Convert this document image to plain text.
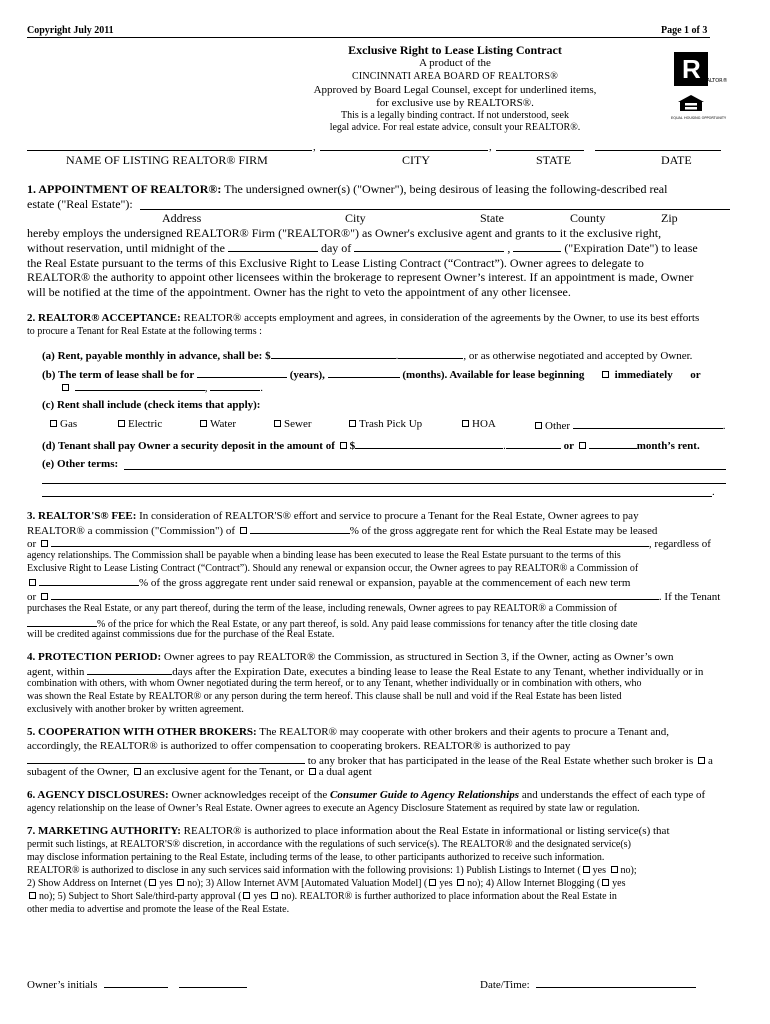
Copyright July 2011	Page 1 of 3
Exclusive Right to Lease Listing Contract
A product of the
CINCINNATI AREA BOARD OF REALTORS®
Approved by Board Legal Counsel, except for underlined items,
for exclusive use by REALTORS®.
This is a legally binding contract. If not understood, seek
legal advice. For real estate advice, consult your REALTOR®.
R REALTOR®
EQUAL HOUSING OPPORTUNITY
,	,
NAME OF LISTING REALTOR® FIRM	CITY	STATE	DATE
1. APPOINTMENT OF REALTOR®: The undersigned owner(s) ("Owner"), being desirous of leasing the following-described real
estate ("Real Estate"):
Address	City	State	County	Zip
hereby employs the undersigned REALTOR® Firm ("REALTOR®") as Owner's exclusive agent and grants to it the exclusive right,
without reservation, until midnight of the	day of	,	("Expiration Date") to lease
the Real Estate pursuant to the terms of this Exclusive Right to Lease Listing Contract (“Contract”). Owner agrees to delegate to
REALTOR® the authority to appoint other licensees within the brokerage to represent Owner’s interest. If an appointment is made, Owner
will be notified at the time of the appointment. Owner has the right to veto the appointment of any other licensee.
2. REALTOR® ACCEPTANCE: REALTOR® accepts employment and agrees, in consideration of the agreements by the Owner, to use its best efforts
to procure a Tenant for Real Estate at the following terms :
(a) Rent, payable monthly in advance, shall be: $	.	, or as otherwise negotiated and accepted by Owner.
(b) The term of lease shall be for	(years),	(months). Available for lease beginning	immediately or
,	.
(c) Rent shall include (check items that apply):
Gas	Electric	Water	Sewer	Trash Pick Up	HOA	Other	.
(d) Tenant shall pay Owner a security deposit in the amount of $	.	or	month’s rent.
(e) Other terms:
.
3. REALTOR'S® FEE: In consideration of REALTOR'S® effort and service to procure a Tenant for the Real Estate, Owner agrees to pay
REALTOR® a commission ("Commission") of	% of the gross aggregate rent for which the Real Estate may be leased
or	, regardless of
agency relationships. The Commission shall be payable when a binding lease has been executed to lease the Real Estate pursuant to the terms of this
Exclusive Right to Lease Listing Contract (“Contract”). Should any renewal or expansion occur, the Owner agrees to pay REALTOR® a Commission of
% of the gross aggregate rent under said renewal or expansion, payable at the commencement of each new term
or	. If the Tenant
purchases the Real Estate, or any part thereof, during the term of the lease, including renewals, Owner agrees to pay REALTOR® a Commission of
% of the price for which the Real Estate, or any part thereof, is sold. Any paid lease commissions for tenancy after the title closing date
will be credited against commissions due for the purchase of the Real Estate.
4. PROTECTION PERIOD: Owner agrees to pay REALTOR® the Commission, as structured in Section 3, if the Owner, acting as Owner’s own
agent, within	days after the Expiration Date, executes a binding lease to lease the Real Estate to any Tenant, whether individually or in
combination with others, with whom Owner negotiated during the term hereof, or to any Tenant, whether individually or in combination with others, who
was shown the Real Estate by REALTOR® or any person during the term hereof. This clause shall be null and void if the Real Estate has been listed
exclusively with another broker by written agreement.
5. COOPERATION WITH OTHER BROKERS: The REALTOR® may cooperate with other brokers and their agents to procure a Tenant and,
accordingly, the REALTOR® is authorized to offer compensation to cooperating brokers. REALTOR® is authorized to pay
to any broker that has participated in the lease of the Real Estate whether such broker is a
subagent of the Owner, an exclusive agent for the Tenant, or a dual agent
6. AGENCY DISCLOSURES: Owner acknowledges receipt of the Consumer Guide to Agency Relationships and understands the effect of each type of
agency relationship on the lease of Owner’s Real Estate. Owner agrees to execute an Agency Disclosure Statement as required by state law or regulation.
7. MARKETING AUTHORITY: REALTOR® is authorized to place information about the Real Estate in informational or listing service(s) that
permit such listings, at REALTOR'S® discretion, in accordance with the regulations of such service(s). The REALTOR® and the designated service(s)
may disclose information pertaining to the Real Estate, including terms of the lease, to other participants authorized to receive such information.
REALTOR® is authorized to disclose in any such services said information with the following provisions: 1) Publish Listings to Internet ( yes no);
2) Show Address on Internet ( yes no); 3) Allow Internet AVM [Automated Valuation Model] ( yes no); 4) Allow Internet Blogging ( yes
no); 5) Subject to Short Sale/third-party approval ( yes no). REALTOR® is further authorized to place information about the Real Estate in
other media to advertise and promote the lease of the Real Estate.
Owner’s initials	Date/Time:
